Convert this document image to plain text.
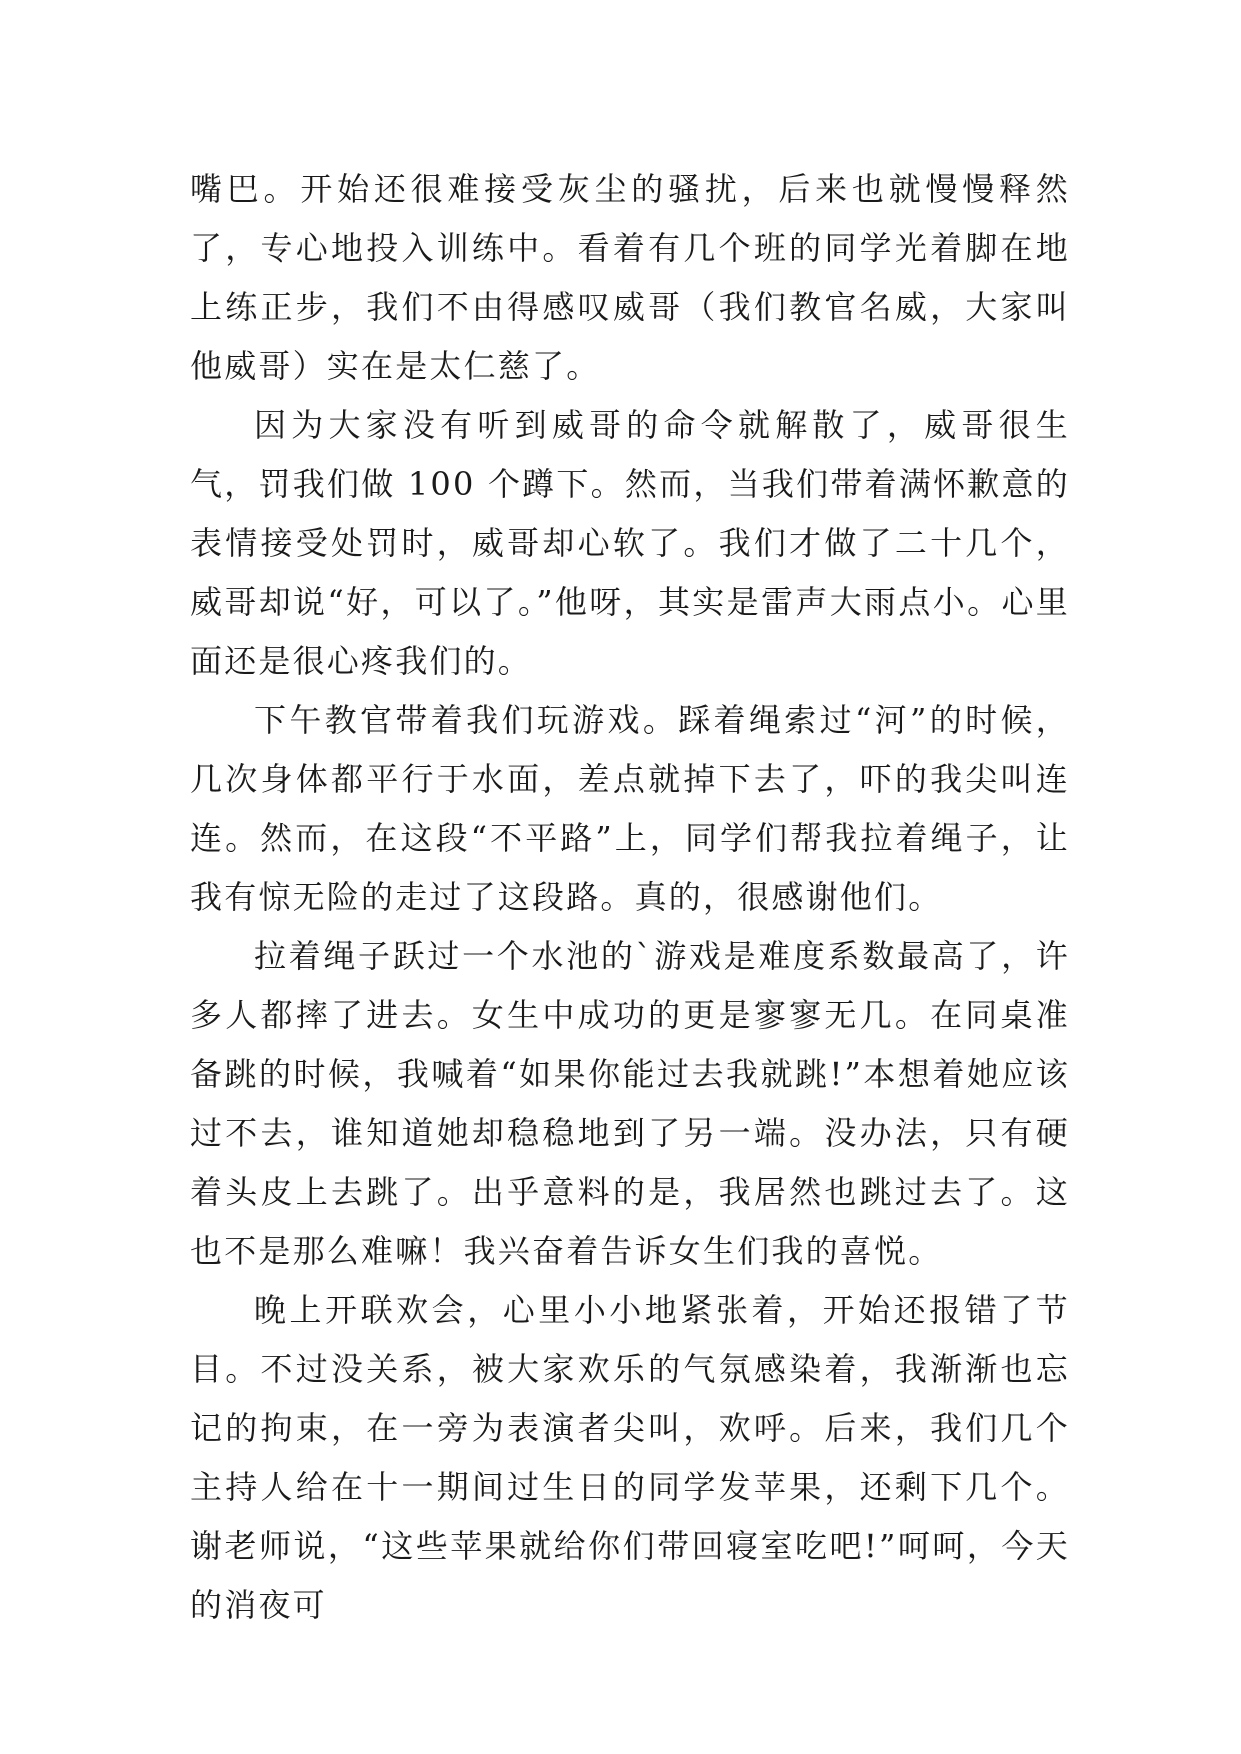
嘴巴。开始还很难接受灰尘的骚扰，后来也就慢慢释然了，专心地投入训练中。看着有几个班的同学光着脚在地上练正步，我们不由得感叹威哥（我们教官名威，大家叫他威哥）实在是太仁慈了。

因为大家没有听到威哥的命令就解散了，威哥很生气，罚我们做 100 个蹲下。然而，当我们带着满怀歉意的表情接受处罚时，威哥却心软了。我们才做了二十几个，威哥却说“好，可以了。”他呀，其实是雷声大雨点小。心里面还是很心疼我们的。

下午教官带着我们玩游戏。踩着绳索过“河”的时候，几次身体都平行于水面，差点就掉下去了，吓的我尖叫连连。然而，在这段“不平路”上，同学们帮我拉着绳子，让我有惊无险的走过了这段路。真的，很感谢他们。

拉着绳子跃过一个水池的`游戏是难度系数最高了，许多人都摔了进去。女生中成功的更是寥寥无几。在同桌准备跳的时候，我喊着“如果你能过去我就跳!”本想着她应该过不去，谁知道她却稳稳地到了另一端。没办法，只有硬着头皮上去跳了。出乎意料的是，我居然也跳过去了。这也不是那么难嘛！我兴奋着告诉女生们我的喜悦。

晚上开联欢会，心里小小地紧张着，开始还报错了节目。不过没关系，被大家欢乐的气氛感染着，我渐渐也忘记的拘束，在一旁为表演者尖叫，欢呼。后来，我们几个主持人给在十一期间过生日的同学发苹果，还剩下几个。谢老师说，“这些苹果就给你们带回寝室吃吧!”呵呵，今天的消夜可
